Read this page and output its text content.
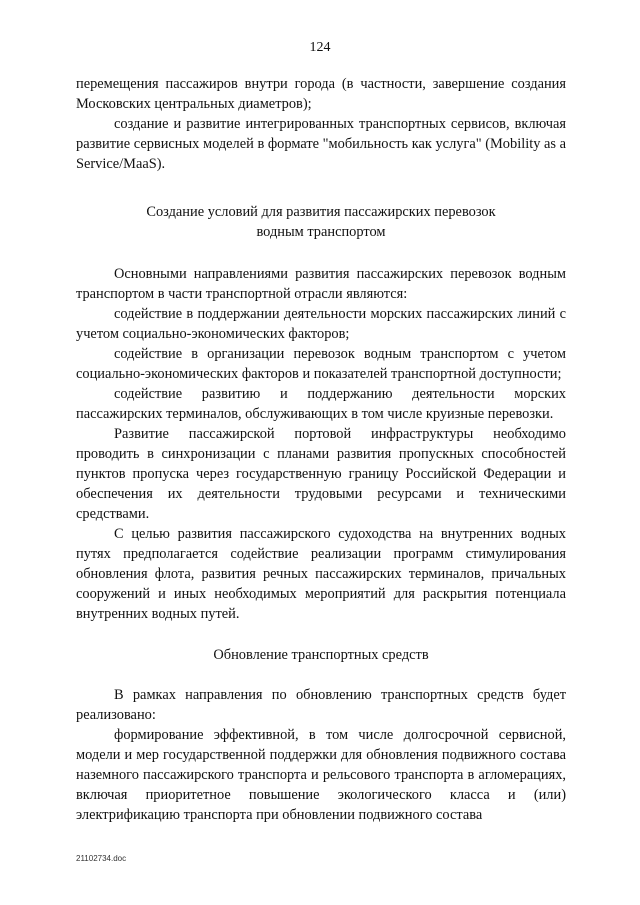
124

перемещения пассажиров внутри города (в частности, завершение создания Московских центральных диаметров);

создание и развитие интегрированных транспортных сервисов, включая развитие сервисных моделей в формате "мобильность как услуга" (Mobility as a Service/MaaS).

Создание условий для развития пассажирских перевозок водным транспортом

Основными направлениями развития пассажирских перевозок водным транспортом в части транспортной отрасли являются:

содействие в поддержании деятельности морских пассажирских линий с учетом социально-экономических факторов;

содействие в организации перевозок водным транспортом с учетом социально-экономических факторов и показателей транспортной доступности;

содействие развитию и поддержанию деятельности морских пассажирских терминалов, обслуживающих в том числе круизные перевозки.

Развитие пассажирской портовой инфраструктуры необходимо проводить в синхронизации с планами развития пропускных способностей пунктов пропуска через государственную границу Российской Федерации и обеспечения их деятельности трудовыми ресурсами и техническими средствами.

С целью развития пассажирского судоходства на внутренних водных путях предполагается содействие реализации программ стимулирования обновления флота, развития речных пассажирских терминалов, причальных сооружений и иных необходимых мероприятий для раскрытия потенциала внутренних водных путей.

Обновление транспортных средств

В рамках направления по обновлению транспортных средств будет реализовано:

формирование эффективной, в том числе долгосрочной сервисной, модели и мер государственной поддержки для обновления подвижного состава наземного пассажирского транспорта и рельсового транспорта в агломерациях, включая приоритетное повышение экологического класса и (или) электрификацию транспорта при обновлении подвижного состава

21102734.doc
